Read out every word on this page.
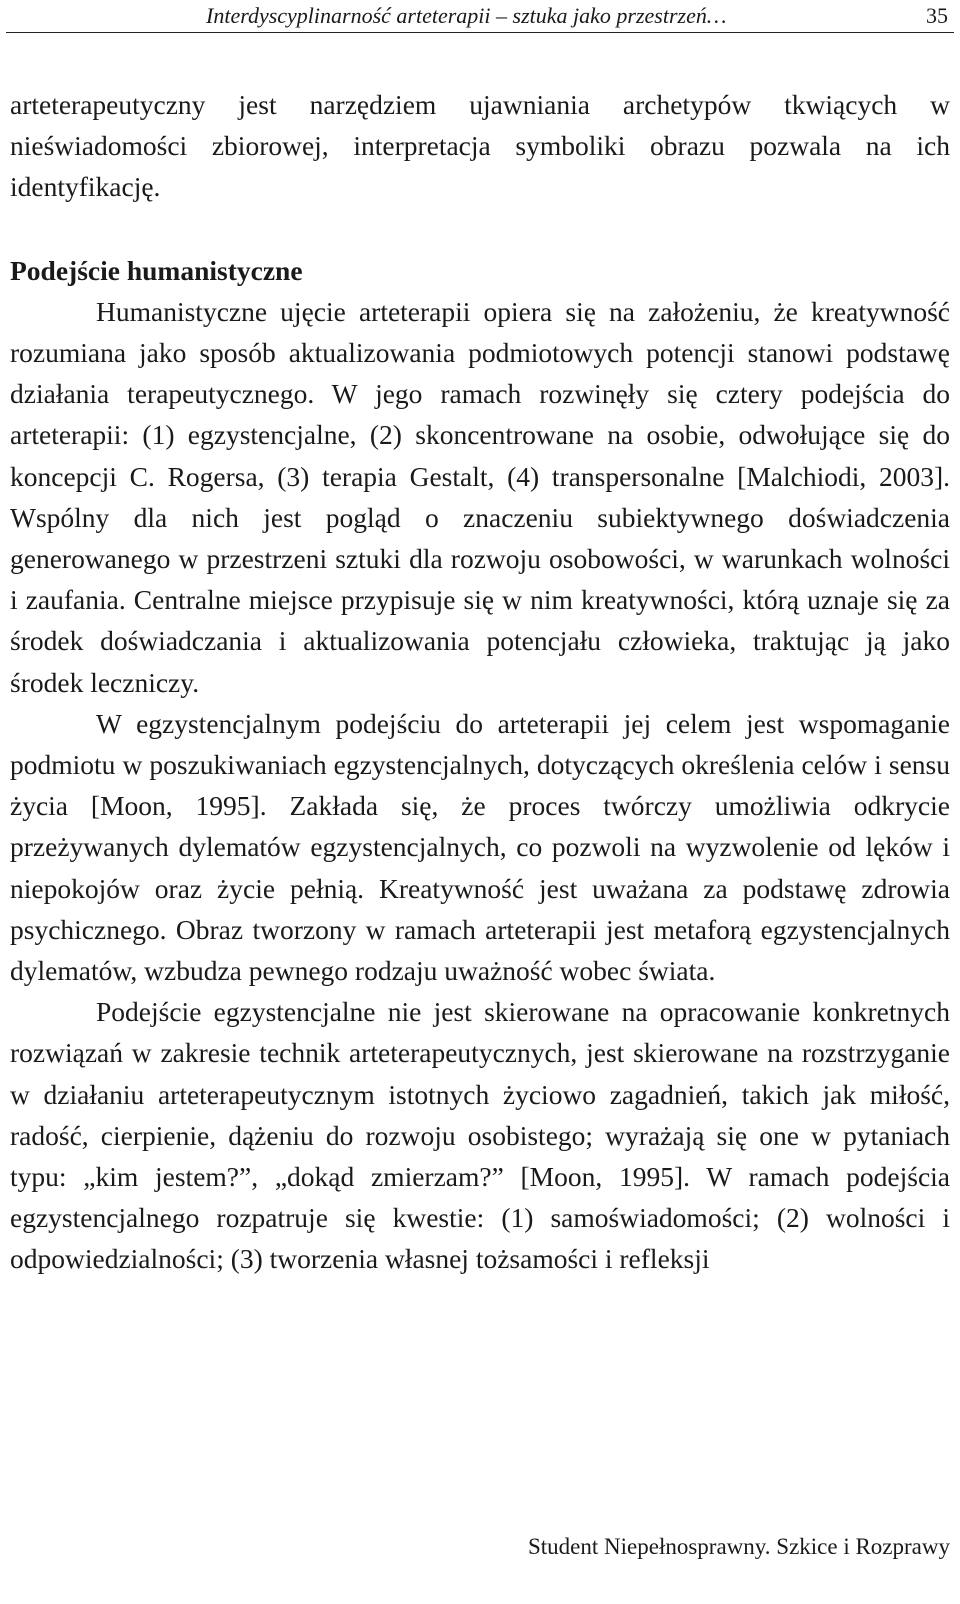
Interdyscyplinarność arteterapii – sztuka jako przestrzeń…	35

arteterapeutyczny jest narzędziem ujawniania archetypów tkwiących w nieświadomości zbiorowej, interpretacja symboliki obrazu pozwala na ich identyfikację.

Podejście humanistyczne

Humanistyczne ujęcie arteterapii opiera się na założeniu, że kreatywność rozumiana jako sposób aktualizowania podmiotowych potencji stanowi podstawę działania terapeutycznego. W jego ramach rozwinęły się cztery podejścia do arteterapii: (1) egzystencjalne, (2) skoncentrowane na osobie, odwołujące się do koncepcji C. Rogersa, (3) terapia Gestalt, (4) transpersonalne [Malchiodi, 2003]. Wspólny dla nich jest pogląd o znaczeniu subiektywnego doświadczenia generowanego w przestrzeni sztuki dla rozwoju osobowości, w warunkach wolności i zaufania. Centralne miejsce przypisuje się w nim kreatywności, którą uznaje się za środek doświadczania i aktualizowania potencjału człowieka, traktując ją jako środek leczniczy.

W egzystencjalnym podejściu do arteterapii jej celem jest wspomaganie podmiotu w poszukiwaniach egzystencjalnych, dotyczących określenia celów i sensu życia [Moon, 1995]. Zakłada się, że proces twórczy umożliwia odkrycie przeżywanych dylematów egzystencjalnych, co pozwoli na wyzwolenie od lęków i niepokojów oraz życie pełnią. Kreatywność jest uważana za podstawę zdrowia psychicznego. Obraz tworzony w ramach arteterapii jest metaforą egzystencjalnych dylematów, wzbudza pewnego rodzaju uważność wobec świata.

Podejście egzystencjalne nie jest skierowane na opracowanie konkretnych rozwiązań w zakresie technik arteterapeutycznych, jest skierowane na rozstrzyganie w działaniu arteterapeutycznym istotnych życiowo zagadnień, takich jak miłość, radość, cierpienie, dążeniu do rozwoju osobistego; wyrażają się one w pytaniach typu: „kim jestem?”, „dokąd zmierzam?” [Moon, 1995]. W ramach podejścia egzystencjalnego rozpatruje się kwestie: (1) samoświadomości; (2) wolności i odpowiedzialności; (3) tworzenia własnej tożsamości i refleksji

Student Niepełnosprawny. Szkice i Rozprawy
